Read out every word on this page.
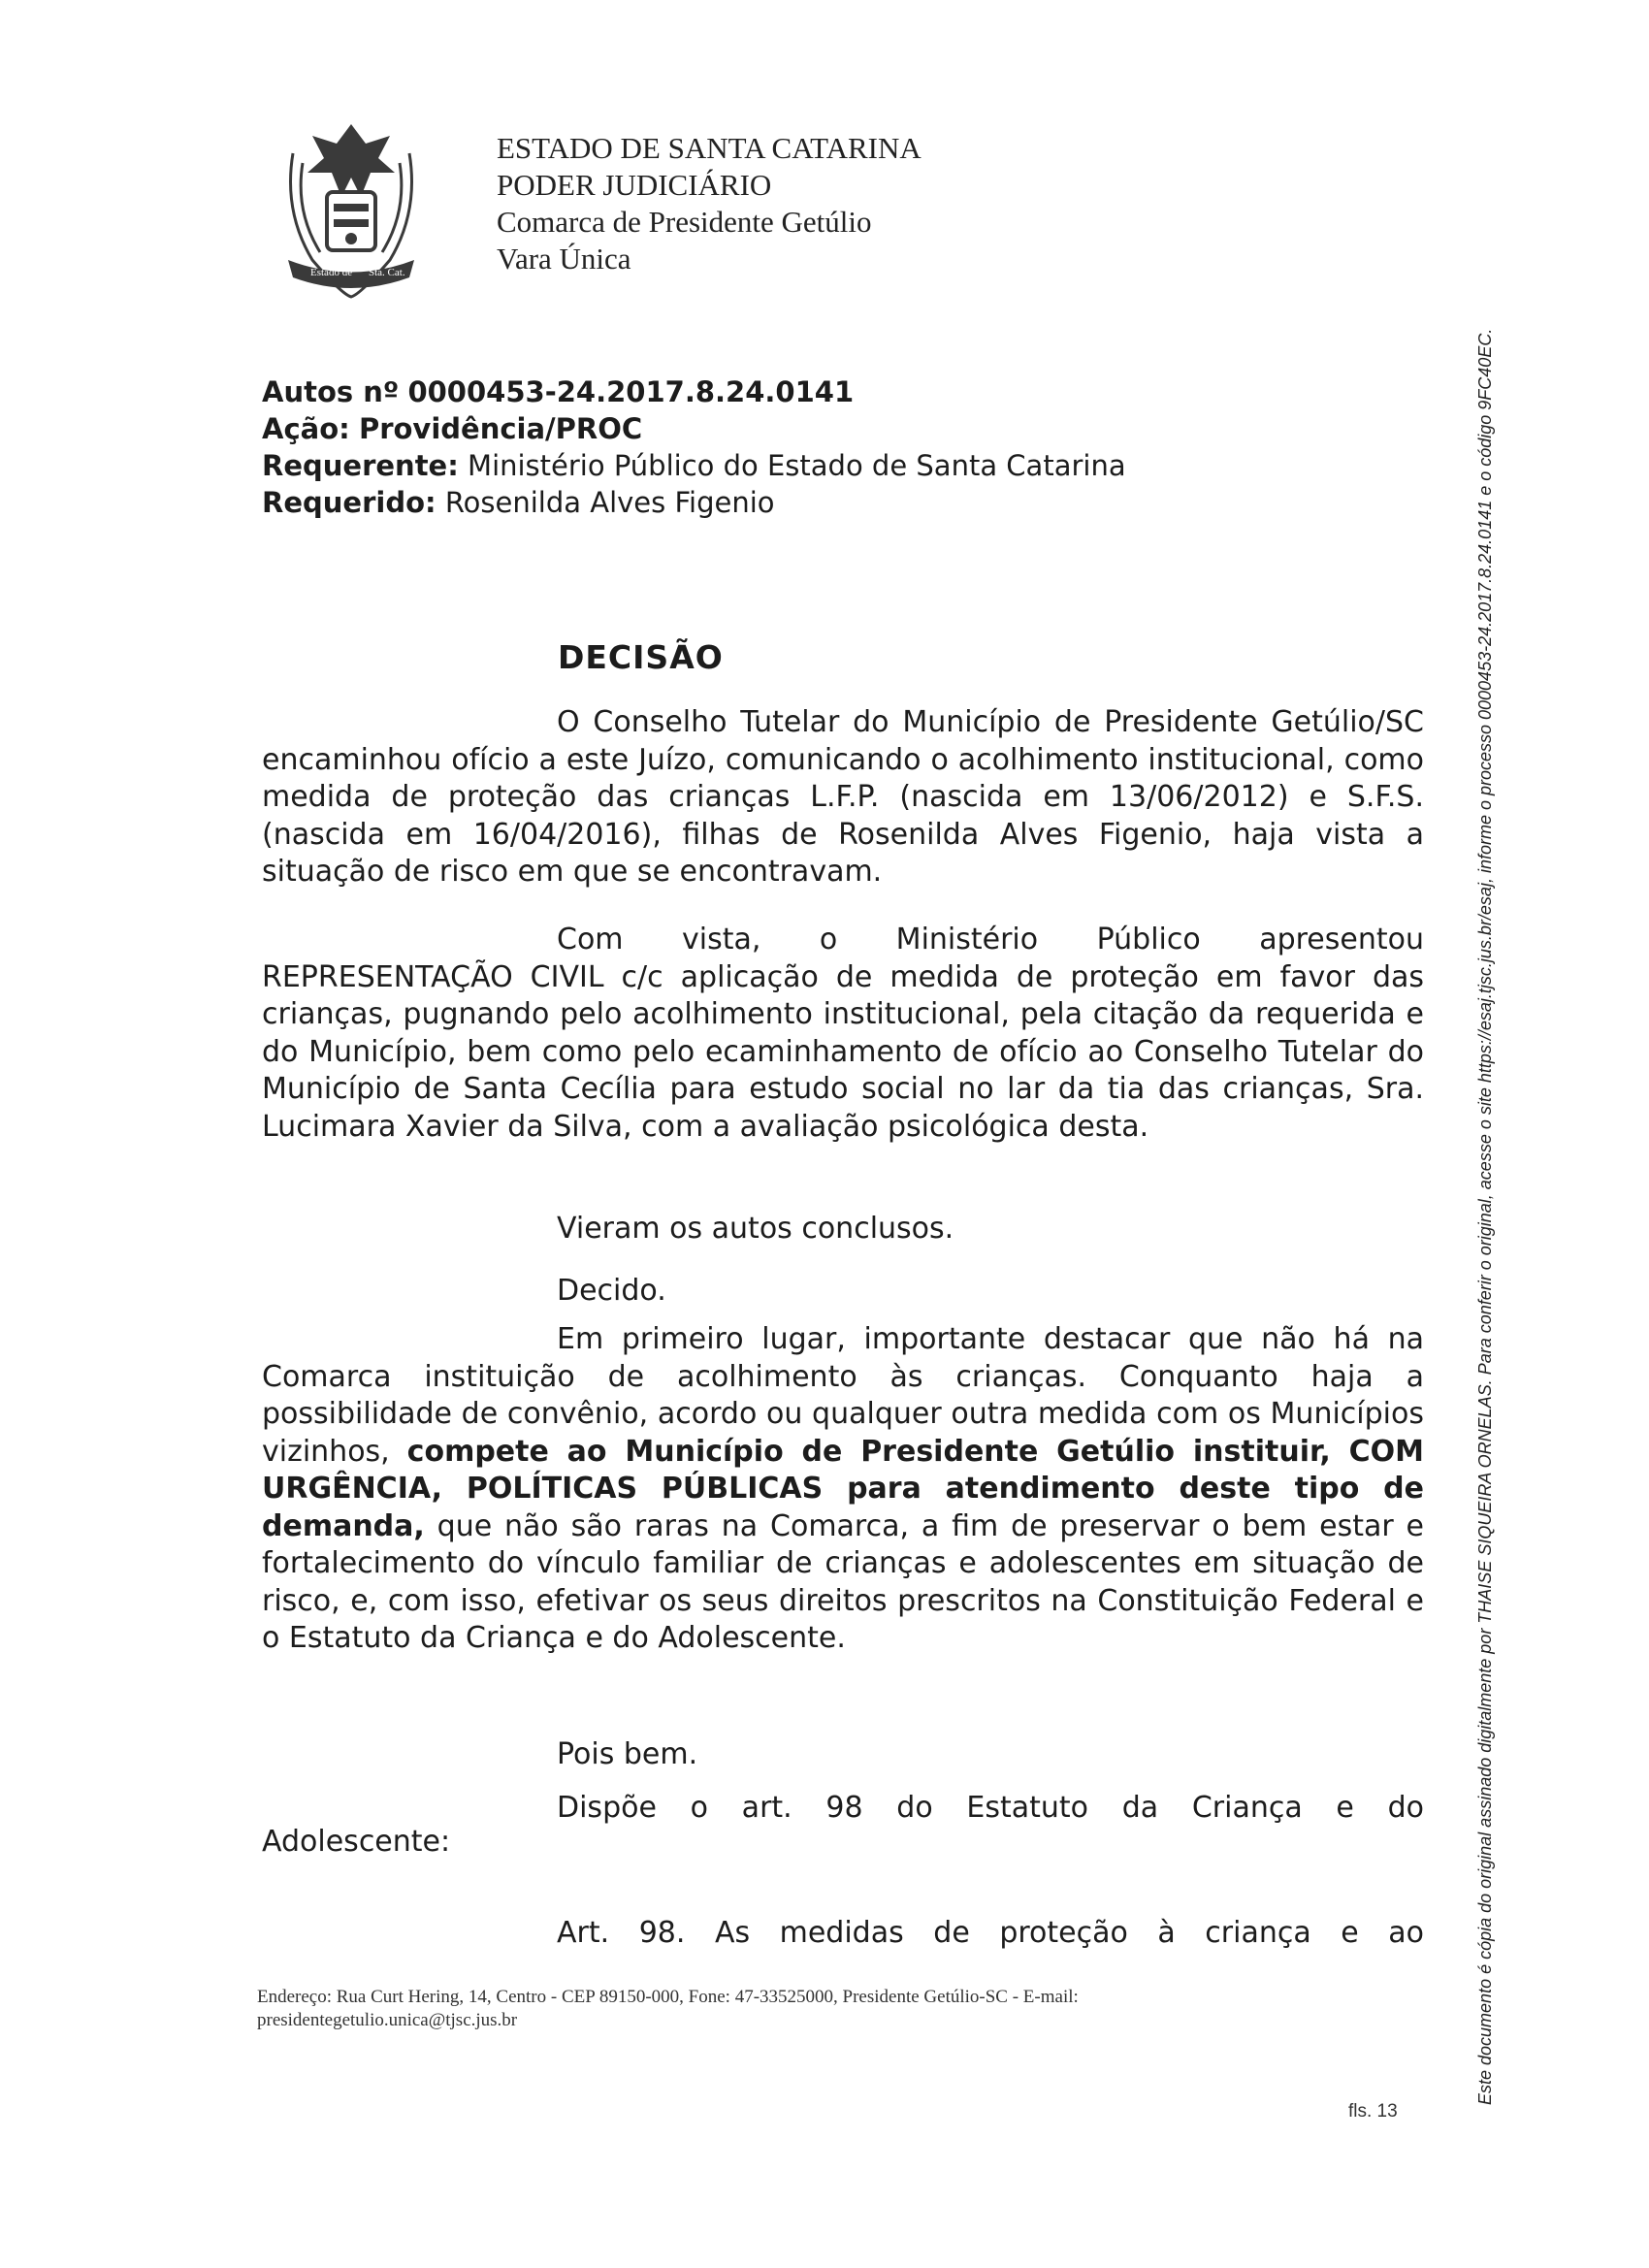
Estado de Sta. Cat.
ESTADO DE SANTA CATARINA
PODER JUDICIÁRIO
Comarca de Presidente Getúlio
Vara Única
Autos nº 0000453-24.2017.8.24.0141
Ação: Providência/PROC
Requerente: Ministério Público do Estado de Santa Catarina
Requerido: Rosenilda Alves Figenio
DECISÃO

O Conselho Tutelar do Município de Presidente Getúlio/SC encaminhou ofício a este Juízo, comunicando o acolhimento institucional, como medida de proteção das crianças L.F.P. (nascida em 13/06/2012) e S.F.S. (nascida em 16/04/2016), filhas de Rosenilda Alves Figenio, haja vista a situação de risco em que se encontravam.

Com vista, o Ministério Público apresentou REPRESENTAÇÃO CIVIL c/c aplicação de medida de proteção em favor das crianças, pugnando pelo acolhimento institucional, pela citação da requerida e do Município, bem como pelo ecaminhamento de ofício ao Conselho Tutelar do Município de Santa Cecília para estudo social no lar da tia das crianças, Sra. Lucimara Xavier da Silva, com a avaliação psicológica desta.

Vieram os autos conclusos.

Decido.

Em primeiro lugar, importante destacar que não há na Comarca instituição de acolhimento às crianças. Conquanto haja a possibilidade de convênio, acordo ou qualquer outra medida com os Municípios vizinhos, compete ao Município de Presidente Getúlio instituir, COM URGÊNCIA, POLÍTICAS PÚBLICAS para atendimento deste tipo de demanda, que não são raras na Comarca, a fim de preservar o bem estar e fortalecimento do vínculo familiar de crianças e adolescentes em situação de risco, e, com isso, efetivar os seus direitos prescritos na Constituição Federal e o Estatuto da Criança e do Adolescente.

Pois bem.

Dispõe o art. 98 do Estatuto da Criança e do

Adolescente:

Art. 98. As medidas de proteção à criança e ao

Endereço: Rua Curt Hering, 14, Centro - CEP 89150-000, Fone: 47-33525000, Presidente Getúlio-SC - E-mail:
presidentegetulio.unica@tjsc.jus.br
fls. 13
Este documento é cópia do original assinado digitalmente por THAISE SIQUEIRA ORNELAS. Para conferir o original, acesse o site https://esaj.tjsc.jus.br/esaj, informe o processo 0000453-24.2017.8.24.0141 e o código 9FC40EC.
